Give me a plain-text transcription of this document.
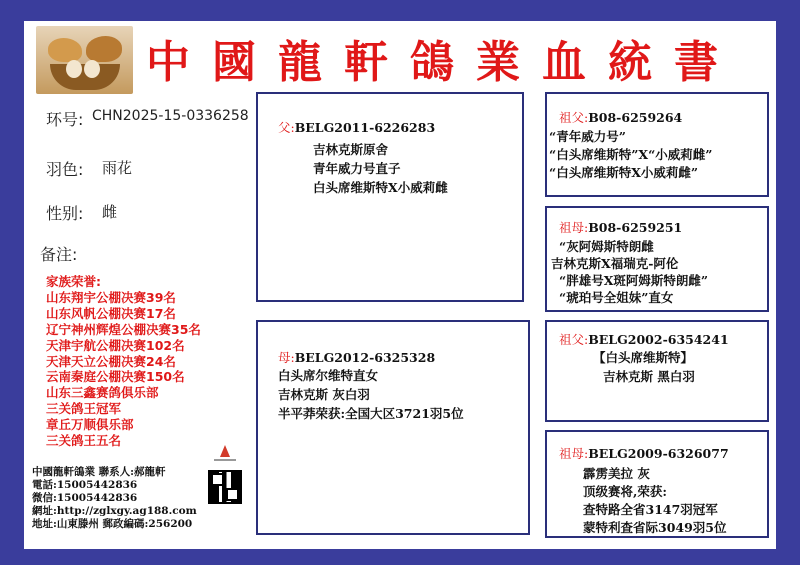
中國龍軒鴿業血統書
环号: CHN2025-15-0336258
羽色: 雨花
性别: 雌
备注:
家族荣誉:
山东翔宇公棚决赛39名
山东风帆公棚决赛17名
辽宁神州辉煌公棚决赛35名
天津宇航公棚决赛102名
天津天立公棚决赛24名
云南秦庭公棚决赛150名
山东三鑫赛鸽俱乐部
三关鸽王冠军
章丘万顺俱乐部
三关鸽王五名
中國龍軒鴿業 聯系人:郝龍軒
電話:15005442836
微信:15005442836
網址:http://zglxgy.ag188.com
地址:山東滕州 郵政編碼:256200
父:BELG2011-6226283
吉林克斯原舍
青年威力号直子
白头席维斯特X小威莉雌
母:BELG2012-6325328
白头席尔维特直女
吉林克斯 灰白羽
半平莽荣获:全国大区3721羽5位
祖父:B08-6259264
“青年威力号”
“白头席维斯特”X“小威莉雌”
“白头席维斯特X小威莉雌”
祖母:B08-6259251
“灰阿姆斯特朗雌
吉林克斯X福瑞克-阿伦
“胖雄号X斑阿姆斯特朗雌”
“琥珀号全姐妹”直女
祖父:BELG2002-6354241
【白头席维斯特】
吉林克斯 黑白羽
祖母:BELG2009-6326077
霹雳美拉 灰
顶级赛将,荣获:
查特路全省3147羽冠军
蒙特利查省际3049羽5位
